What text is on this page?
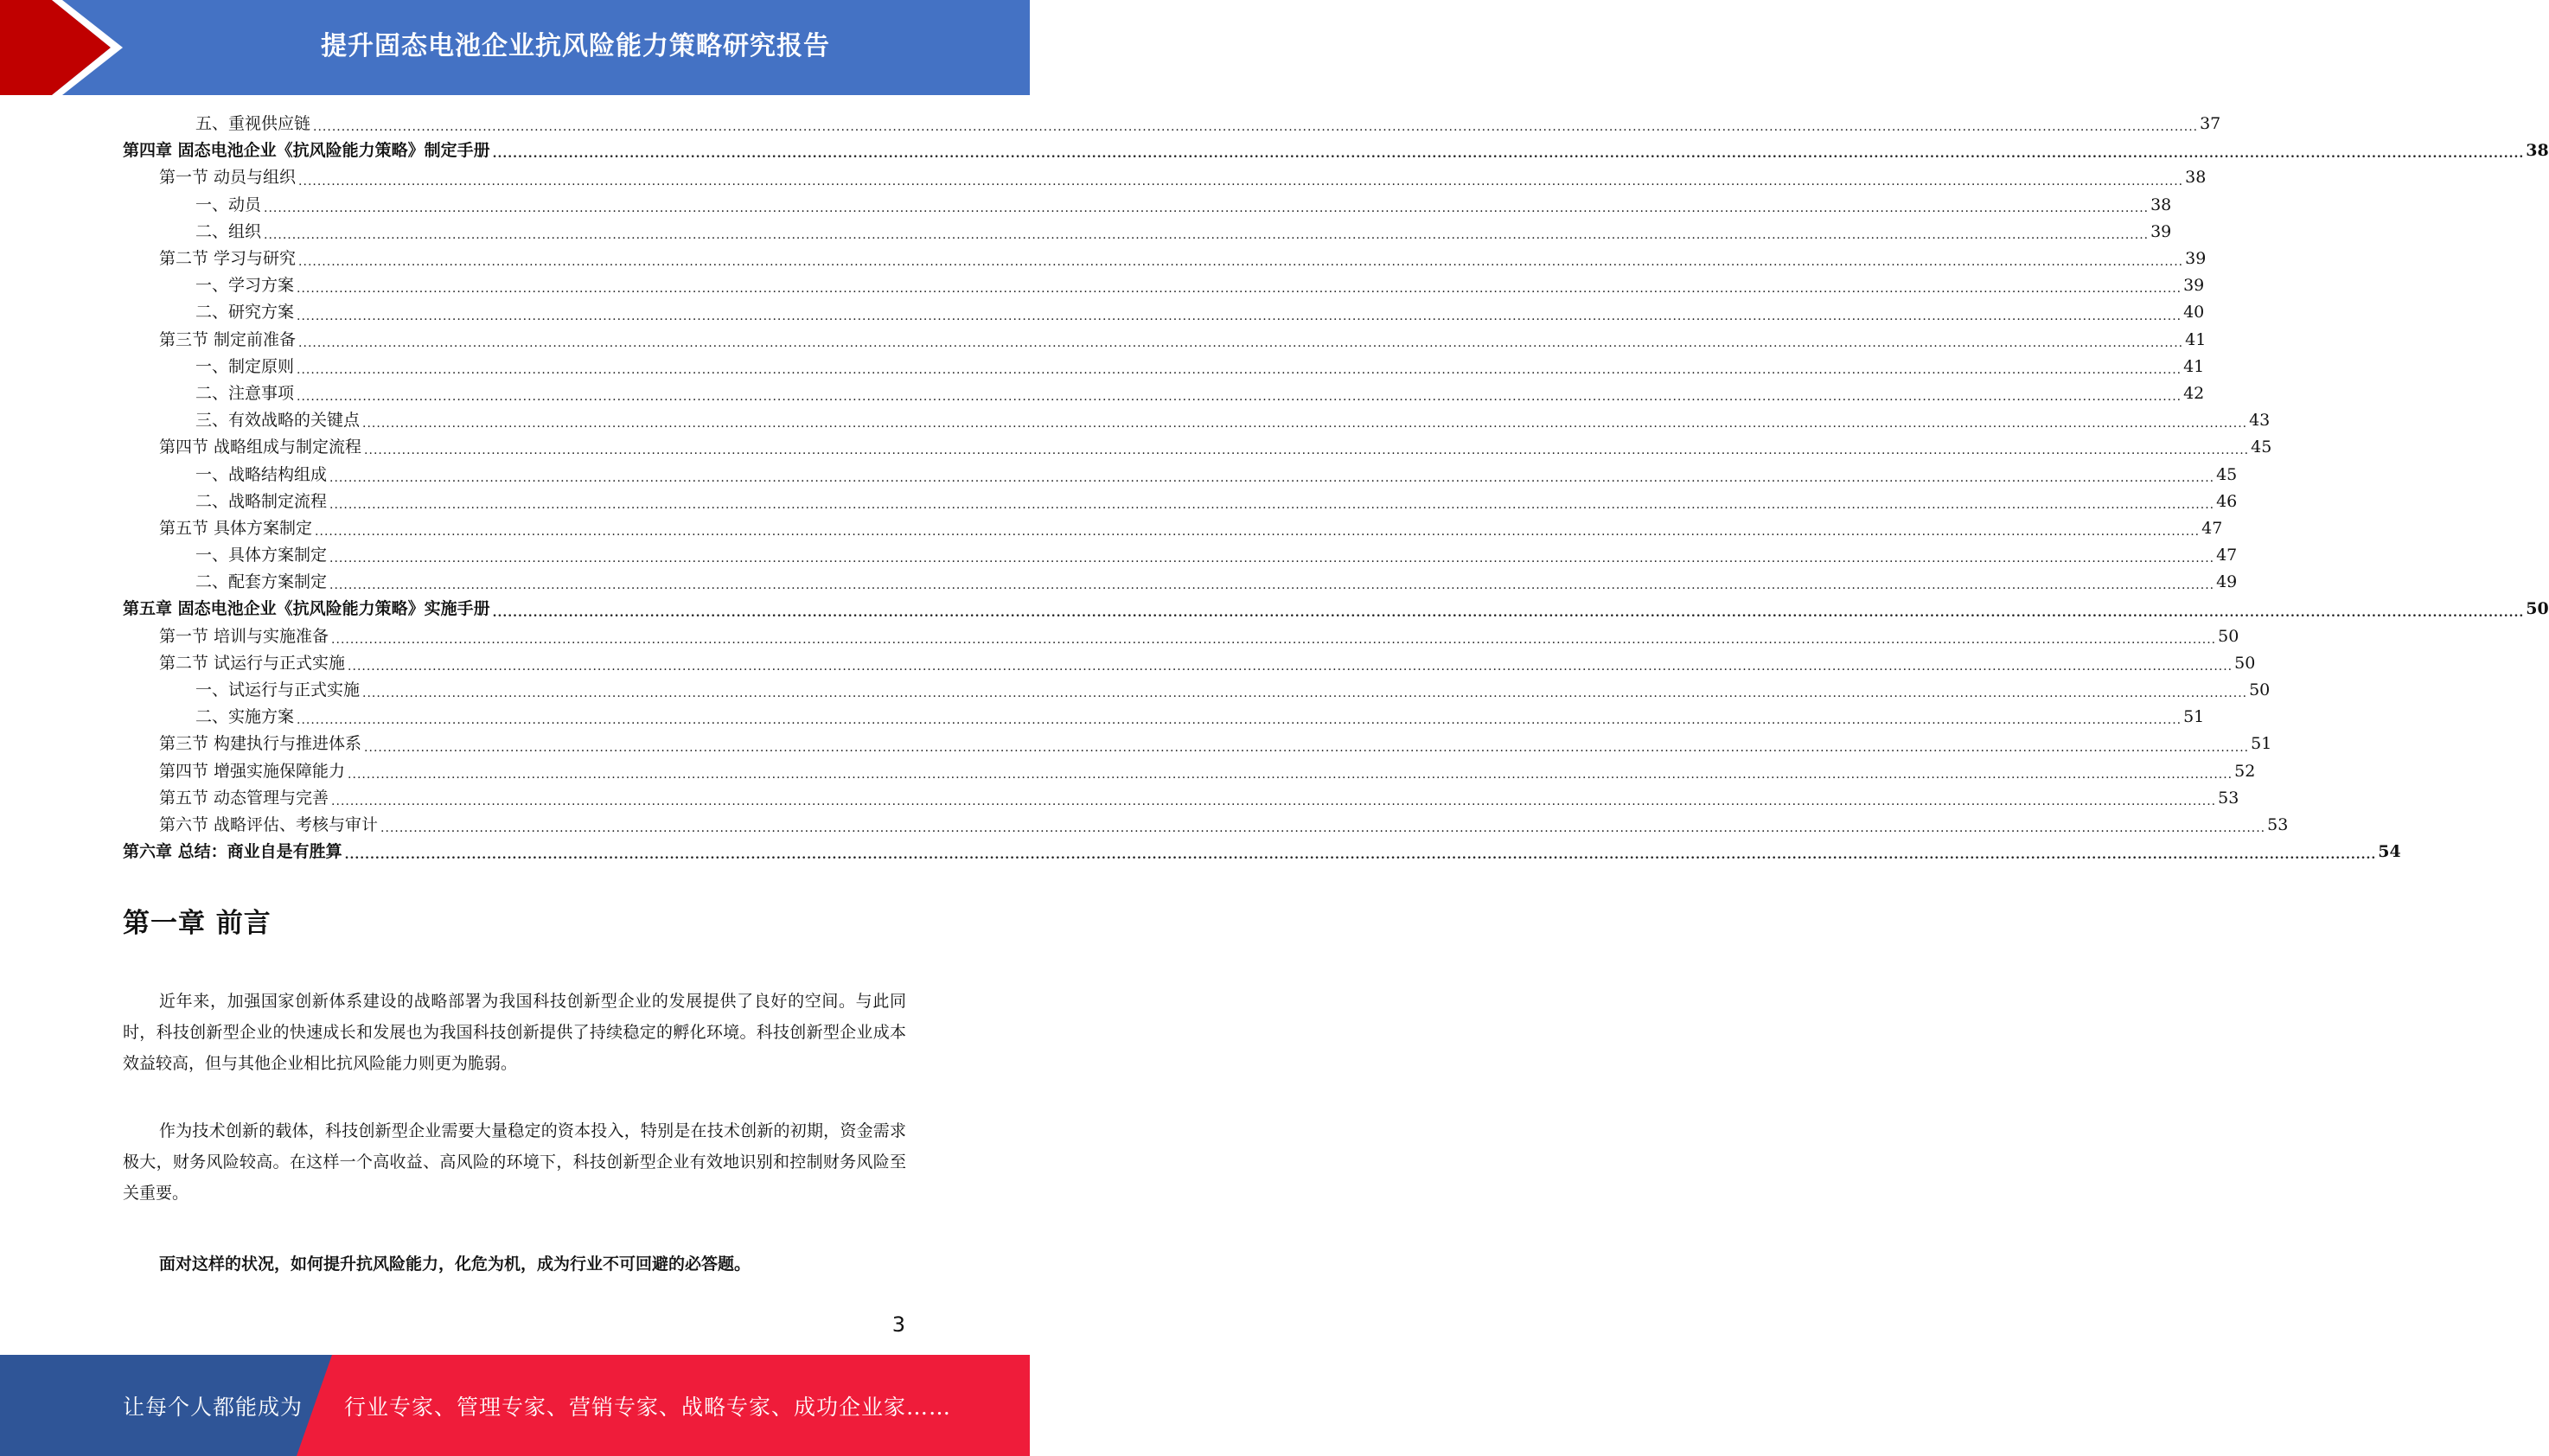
提升固态电池企业抗风险能力策略研究报告
五、重视供应链 ................................................................................................................................................................................................................................................................................................................................................................................................................ 37
第四章 固态电池企业《抗风险能力策略》制定手册 ................................................................................................................................................................................................................................................................................................................................................................................................................ 38
第一节 动员与组织 ................................................................................................................................................................................................................................................................................................................................................................................................................ 38
一、动员 ................................................................................................................................................................................................................................................................................................................................................................................................................ 38
二、组织 ................................................................................................................................................................................................................................................................................................................................................................................................................ 39
第二节 学习与研究 ................................................................................................................................................................................................................................................................................................................................................................................................................ 39
一、学习方案 ................................................................................................................................................................................................................................................................................................................................................................................................................ 39
二、研究方案 ................................................................................................................................................................................................................................................................................................................................................................................................................ 40
第三节 制定前准备 ................................................................................................................................................................................................................................................................................................................................................................................................................ 41
一、制定原则 ................................................................................................................................................................................................................................................................................................................................................................................................................ 41
二、注意事项 ................................................................................................................................................................................................................................................................................................................................................................................................................ 42
三、有效战略的关键点 ................................................................................................................................................................................................................................................................................................................................................................................................................ 43
第四节 战略组成与制定流程 ................................................................................................................................................................................................................................................................................................................................................................................................................ 45
一、战略结构组成 ................................................................................................................................................................................................................................................................................................................................................................................................................ 45
二、战略制定流程 ................................................................................................................................................................................................................................................................................................................................................................................................................ 46
第五节 具体方案制定 ................................................................................................................................................................................................................................................................................................................................................................................................................ 47
一、具体方案制定 ................................................................................................................................................................................................................................................................................................................................................................................................................ 47
二、配套方案制定 ................................................................................................................................................................................................................................................................................................................................................................................................................ 49
第五章 固态电池企业《抗风险能力策略》实施手册 ................................................................................................................................................................................................................................................................................................................................................................................................................ 50
第一节 培训与实施准备 ................................................................................................................................................................................................................................................................................................................................................................................................................ 50
第二节 试运行与正式实施 ................................................................................................................................................................................................................................................................................................................................................................................................................ 50
一、试运行与正式实施 ................................................................................................................................................................................................................................................................................................................................................................................................................ 50
二、实施方案 ................................................................................................................................................................................................................................................................................................................................................................................................................ 51
第三节 构建执行与推进体系 ................................................................................................................................................................................................................................................................................................................................................................................................................ 51
第四节 增强实施保障能力 ................................................................................................................................................................................................................................................................................................................................................................................................................ 52
第五节 动态管理与完善 ................................................................................................................................................................................................................................................................................................................................................................................................................ 53
第六节 战略评估、考核与审计 ................................................................................................................................................................................................................................................................................................................................................................................................................ 53
第六章 总结：商业自是有胜算 ................................................................................................................................................................................................................................................................................................................................................................................................................ 54
第一章 前言

近年来，加强国家创新体系建设的战略部署为我国科技创新型企业的发展提供了良好的空间。与此同时，科技创新型企业的快速成长和发展也为我国科技创新提供了持续稳定的孵化环境。科技创新型企业成本效益较高，但与其他企业相比抗风险能力则更为脆弱。

作为技术创新的载体，科技创新型企业需要大量稳定的资本投入，特别是在技术创新的初期，资金需求极大，财务风险较高。在这样一个高收益、高风险的环境下，科技创新型企业有效地识别和控制财务风险至关重要。

面对这样的状况，如何提升抗风险能力，化危为机，成为行业不可回避的必答题。

3
让每个人都能成为 行业专家、管理专家、营销专家、战略专家、成功企业家……
